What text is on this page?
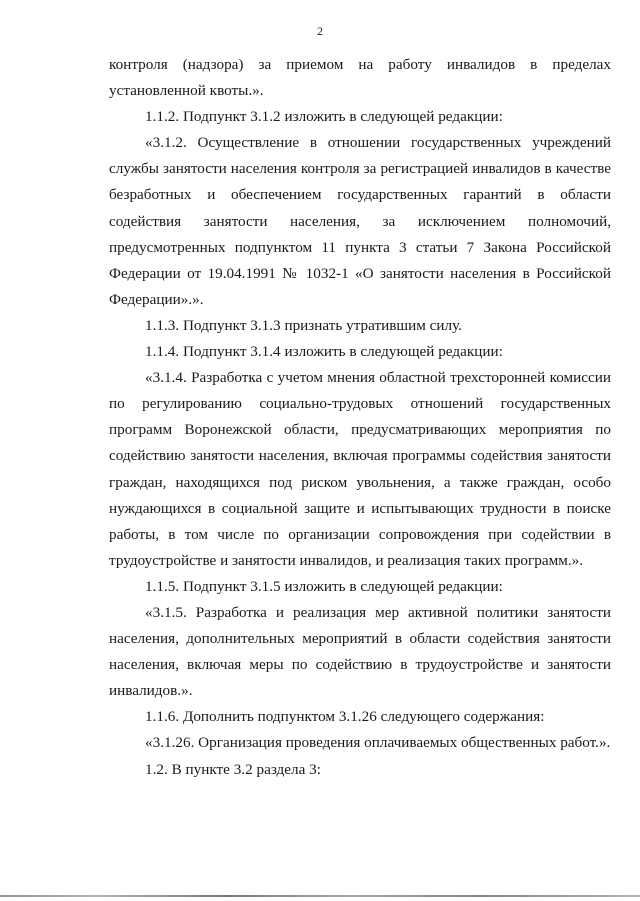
2

контроля (надзора) за приемом на работу инвалидов в пределах установленной квоты.».

1.1.2. Подпункт 3.1.2 изложить в следующей редакции:

«3.1.2. Осуществление в отношении государственных учреждений службы занятости населения контроля за регистрацией инвалидов в качестве безработных и обеспечением государственных гарантий в области содействия занятости населения, за исключением полномочий, предусмотренных подпунктом 11 пункта 3 статьи 7 Закона Российской Федерации от 19.04.1991 № 1032-1 «О занятости населения в Российской Федерации».».

1.1.3. Подпункт 3.1.3 признать утратившим силу.

1.1.4. Подпункт 3.1.4 изложить в следующей редакции:

«3.1.4. Разработка с учетом мнения областной трехсторонней комиссии по регулированию социально-трудовых отношений государственных программ Воронежской области, предусматривающих мероприятия по содействию занятости населения, включая программы содействия занятости граждан, находящихся под риском увольнения, а также граждан, особо нуждающихся в социальной защите и испытывающих трудности в поиске работы, в том числе по организации сопровождения при содействии в трудоустройстве и занятости инвалидов, и реализация таких программ.».

1.1.5. Подпункт 3.1.5 изложить в следующей редакции:

«3.1.5. Разработка и реализация мер активной политики занятости населения, дополнительных мероприятий в области содействия занятости населения, включая меры по содействию в трудоустройстве и занятости инвалидов.».

1.1.6. Дополнить подпунктом 3.1.26 следующего содержания:

«3.1.26. Организация проведения оплачиваемых общественных работ.».

1.2. В пункте 3.2 раздела 3:
